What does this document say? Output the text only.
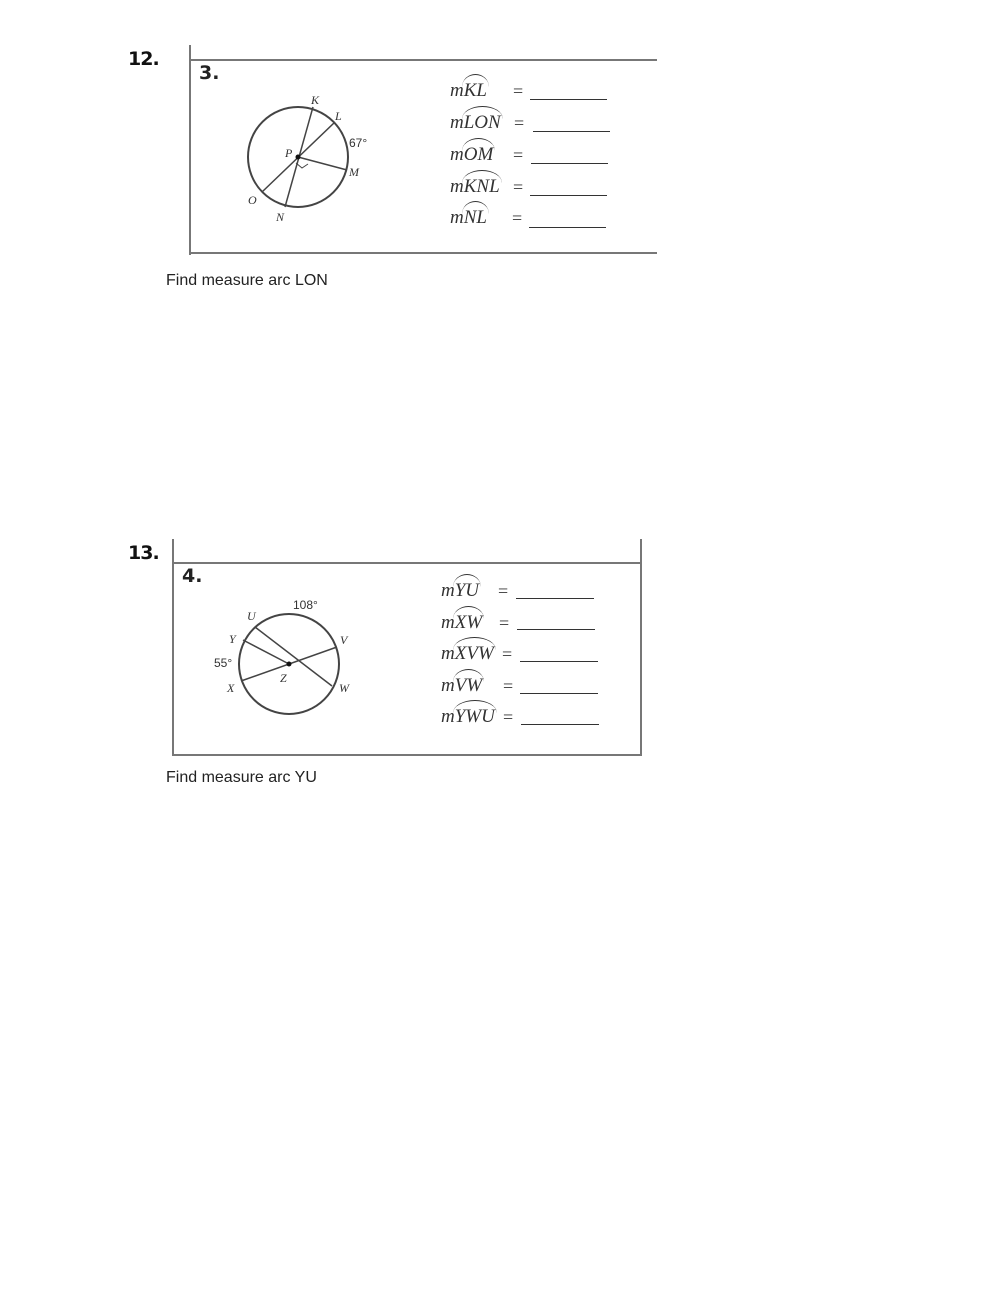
12.
3.
K
L
67°
P
M
O
N
mKL
mLON
mOM
mKNL
mNL
=
=
=
=
=
Find measure arc LON
13.
4.
U
108°
Y	V
55°
Z
X	W
mYU
mXW
mXVW
mVW
mYWU
=
=
=
=
=
Find measure arc YU
